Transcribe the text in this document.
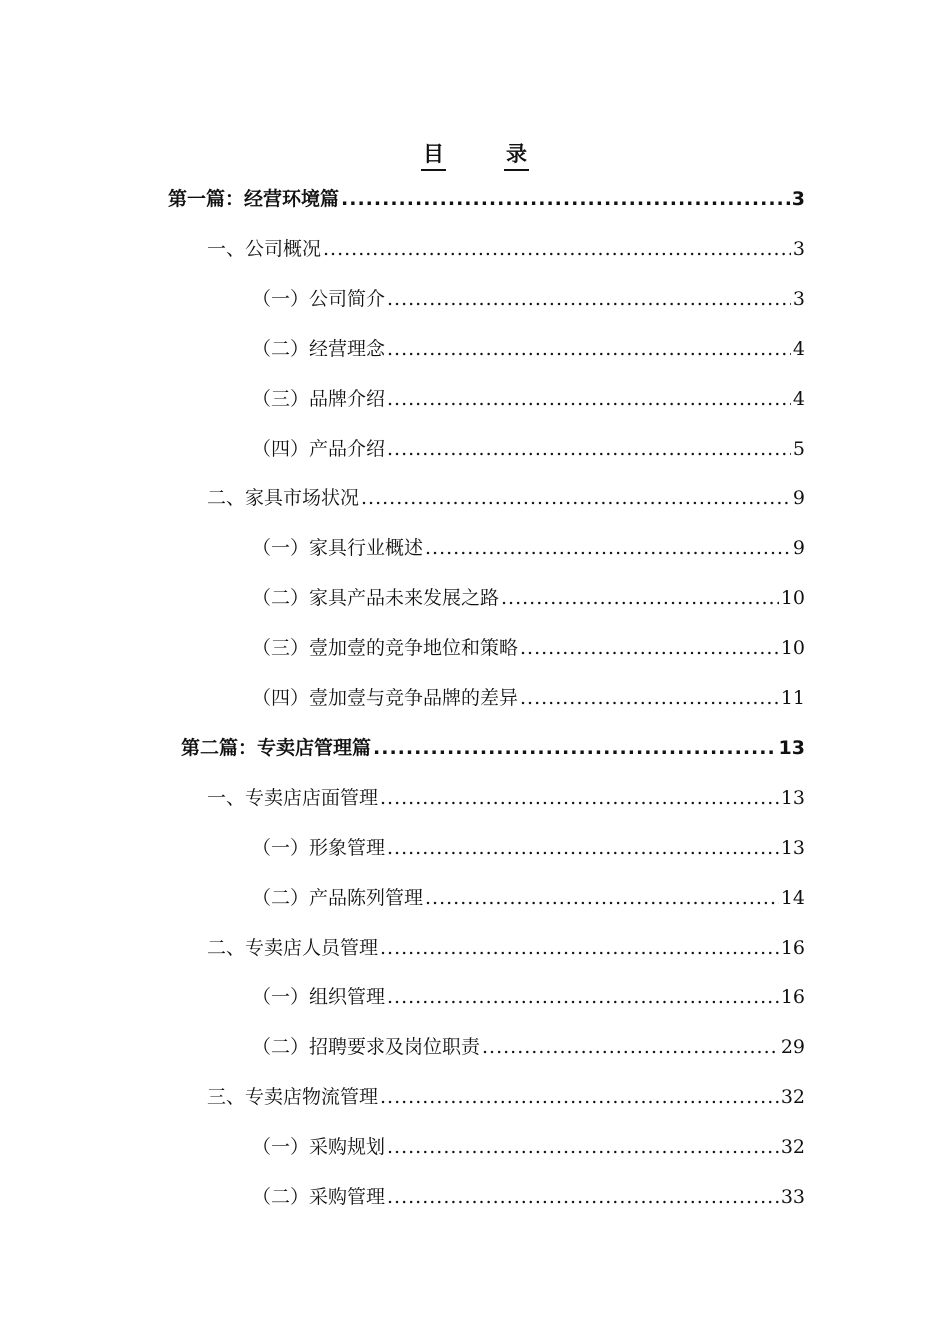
目	录
第一篇：经营环境篇 .....	3
一、公司概况 .....	3
（一）公司简介 .....	3
（二）经营理念 .....	4
（三）品牌介绍 .....	4
（四）产品介绍 .....	5
二、家具市场状况 .....	9
（一）家具行业概述 .....	9
（二）家具产品未来发展之路 .....	10
（三）壹加壹的竞争地位和策略 .....	10
（四）壹加壹与竞争品牌的差异 .....	11
第二篇：专卖店管理篇 .....	13
一、专卖店店面管理 .....	13
（一）形象管理 .....	13
（二）产品陈列管理 .....	14
二、专卖店人员管理 .....	16
（一）组织管理 .....	16
（二）招聘要求及岗位职责 .....	29
三、专卖店物流管理 .....	32
（一）采购规划 .....	32
（二）采购管理 .....	33
